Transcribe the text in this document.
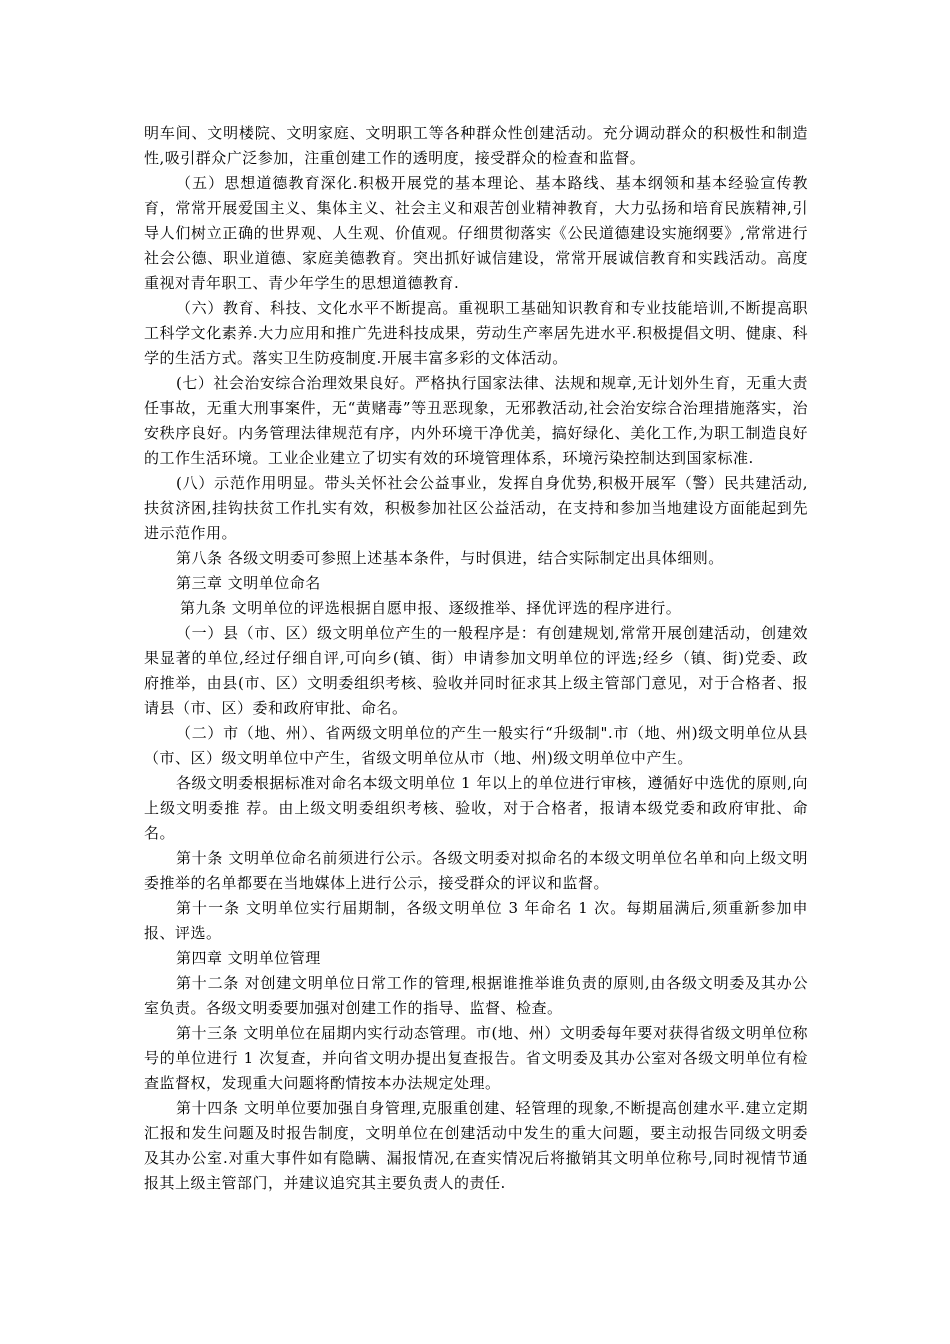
明车间、文明楼院、文明家庭、文明职工等各种群众性创建活动。充分调动群众的积极性和制造性,吸引群众广泛参加，注重创建工作的透明度，接受群众的检查和监督。

（五）思想道德教育深化.积极开展党的基本理论、基本路线、基本纲领和基本经验宣传教育，常常开展爱国主义、集体主义、社会主义和艰苦创业精神教育，大力弘扬和培育民族精神,引导人们树立正确的世界观、人生观、价值观。仔细贯彻落实《公民道德建设实施纲要》,常常进行社会公德、职业道德、家庭美德教育。突出抓好诚信建设，常常开展诚信教育和实践活动。高度重视对青年职工、青少年学生的思想道德教育.

（六）教育、科技、文化水平不断提高。重视职工基础知识教育和专业技能培训,不断提高职工科学文化素养.大力应用和推广先进科技成果，劳动生产率居先进水平.积极提倡文明、健康、科学的生活方式。落实卫生防疫制度.开展丰富多彩的文体活动。

(七）社会治安综合治理效果良好。严格执行国家法律、法规和规章,无计划外生育，无重大责任事故，无重大刑事案件，无“黄赌毒”等丑恶现象，无邪教活动,社会治安综合治理措施落实，治安秩序良好。内务管理法律规范有序，内外环境干净优美，搞好绿化、美化工作,为职工制造良好的工作生活环境。工业企业建立了切实有效的环境管理体系，环境污染控制达到国家标准.

(八）示范作用明显。带头关怀社会公益事业，发挥自身优势,积极开展军（警）民共建活动,扶贫济困,挂钩扶贫工作扎实有效，积极参加社区公益活动，在支持和参加当地建设方面能起到先进示范作用。

第八条 各级文明委可参照上述基本条件，与时俱进，结合实际制定出具体细则。

第三章 文明单位命名

第九条 文明单位的评选根据自愿申报、逐级推举、择优评选的程序进行。

（一）县（市、区）级文明单位产生的一般程序是：有创建规划,常常开展创建活动，创建效果显著的单位,经过仔细自评,可向乡(镇、街）申请参加文明单位的评选;经乡（镇、街)党委、政府推举，由县(市、区）文明委组织考核、验收并同时征求其上级主管部门意见，对于合格者、报请县（市、区）委和政府审批、命名。

（二）市（地、州）、省两级文明单位的产生一般实行“升级制".市（地、州)级文明单位从县（市、区）级文明单位中产生，省级文明单位从市（地、州)级文明单位中产生。

各级文明委根据标准对命名本级文明单位 1 年以上的单位进行审核，遵循好中选优的原则,向上级文明委推 荐。由上级文明委组织考核、验收，对于合格者，报请本级党委和政府审批、命名。

第十条 文明单位命名前须进行公示。各级文明委对拟命名的本级文明单位名单和向上级文明委推举的名单都要在当地媒体上进行公示，接受群众的评议和监督。

第十一条 文明单位实行届期制，各级文明单位 3 年命名 1 次。每期届满后,须重新参加申报、评选。

第四章 文明单位管理

第十二条 对创建文明单位日常工作的管理,根据谁推举谁负责的原则,由各级文明委及其办公室负责。各级文明委要加强对创建工作的指导、监督、检查。

第十三条 文明单位在届期内实行动态管理。市(地、州）文明委每年要对获得省级文明单位称号的单位进行 1 次复查，并向省文明办提出复查报告。省文明委及其办公室对各级文明单位有检查监督权，发现重大问题将酌情按本办法规定处理。

第十四条 文明单位要加强自身管理,克服重创建、轻管理的现象,不断提高创建水平.建立定期汇报和发生问题及时报告制度，文明单位在创建活动中发生的重大问题，要主动报告同级文明委及其办公室.对重大事件如有隐瞒、漏报情况,在查实情况后将撤销其文明单位称号,同时视情节通报其上级主管部门，并建议追究其主要负责人的责任.
